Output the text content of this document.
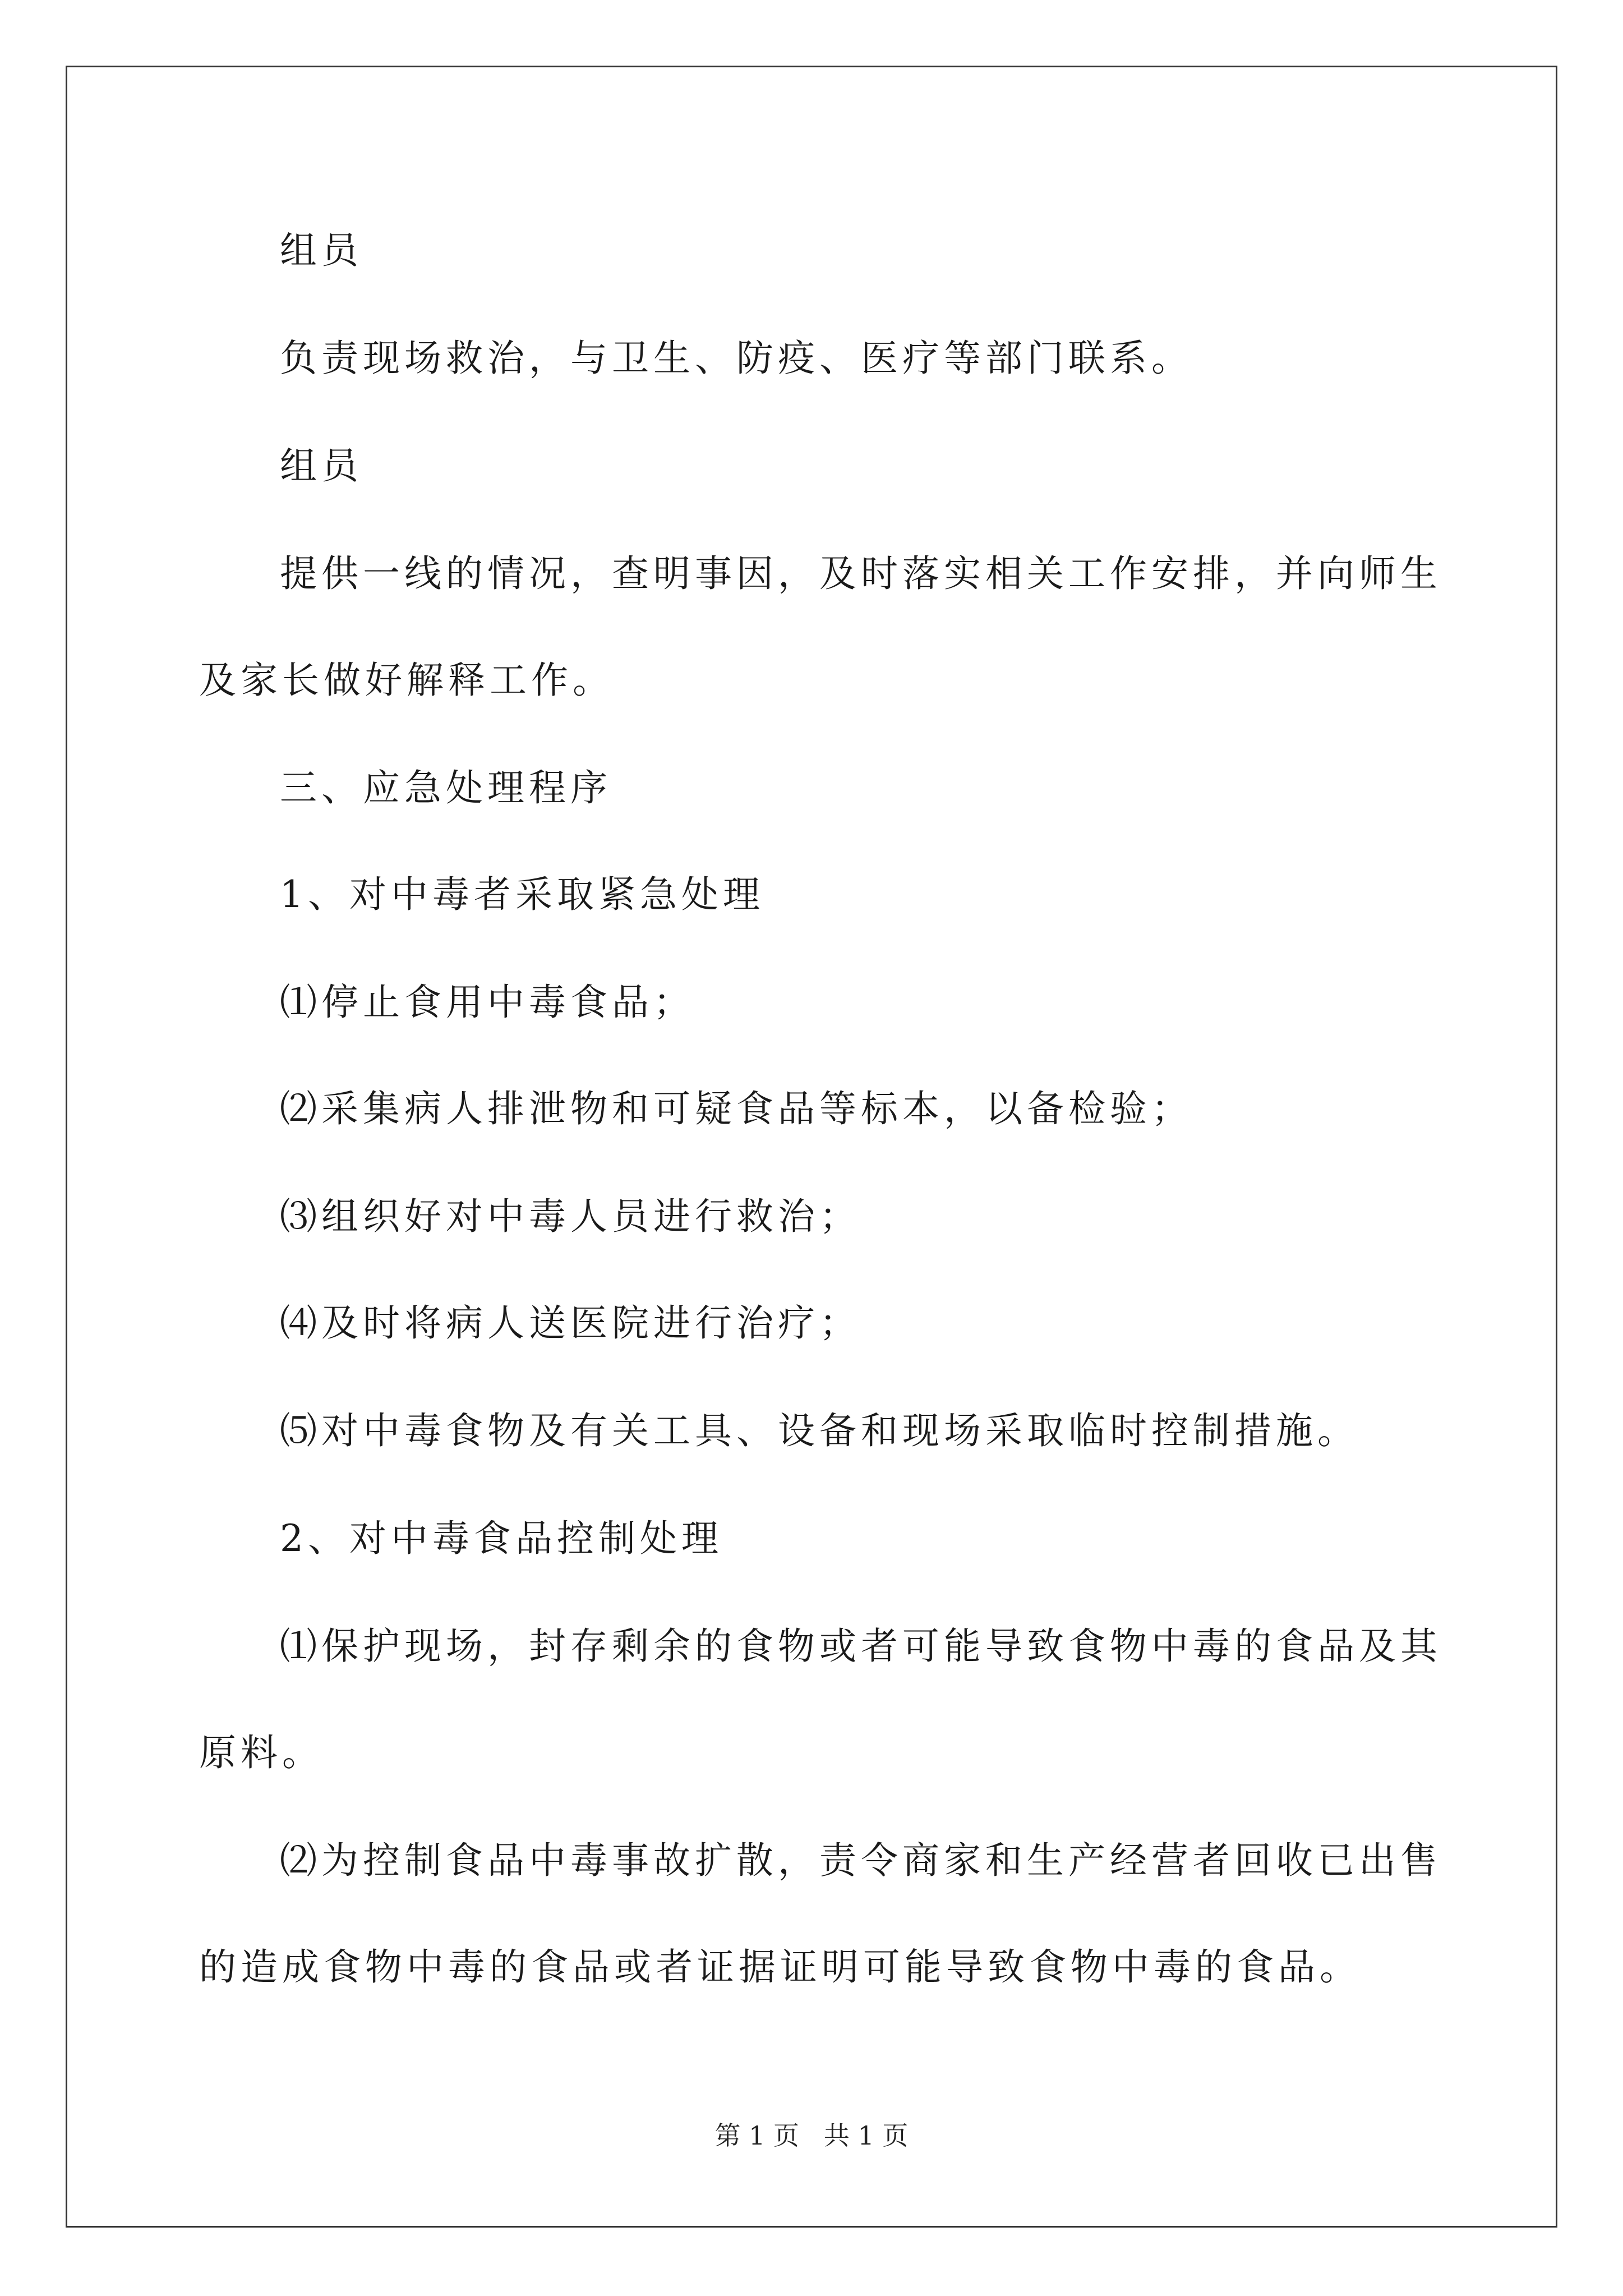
组员
负责现场救治，与卫生、防疫、医疗等部门联系。
组员
提供一线的情况，查明事因，及时落实相关工作安排，并向师生
及家长做好解释工作。
三、应急处理程序
1、对中毒者采取紧急处理
⑴停止食用中毒食品；
⑵采集病人排泄物和可疑食品等标本，以备检验；
⑶组织好对中毒人员进行救治；
⑷及时将病人送医院进行治疗；
⑸对中毒食物及有关工具、设备和现场采取临时控制措施。
2、对中毒食品控制处理
⑴保护现场，封存剩余的食物或者可能导致食物中毒的食品及其
原料。
⑵为控制食品中毒事故扩散，责令商家和生产经营者回收已出售
的造成食物中毒的食品或者证据证明可能导致食物中毒的食品。
第 1 页   共 1 页
